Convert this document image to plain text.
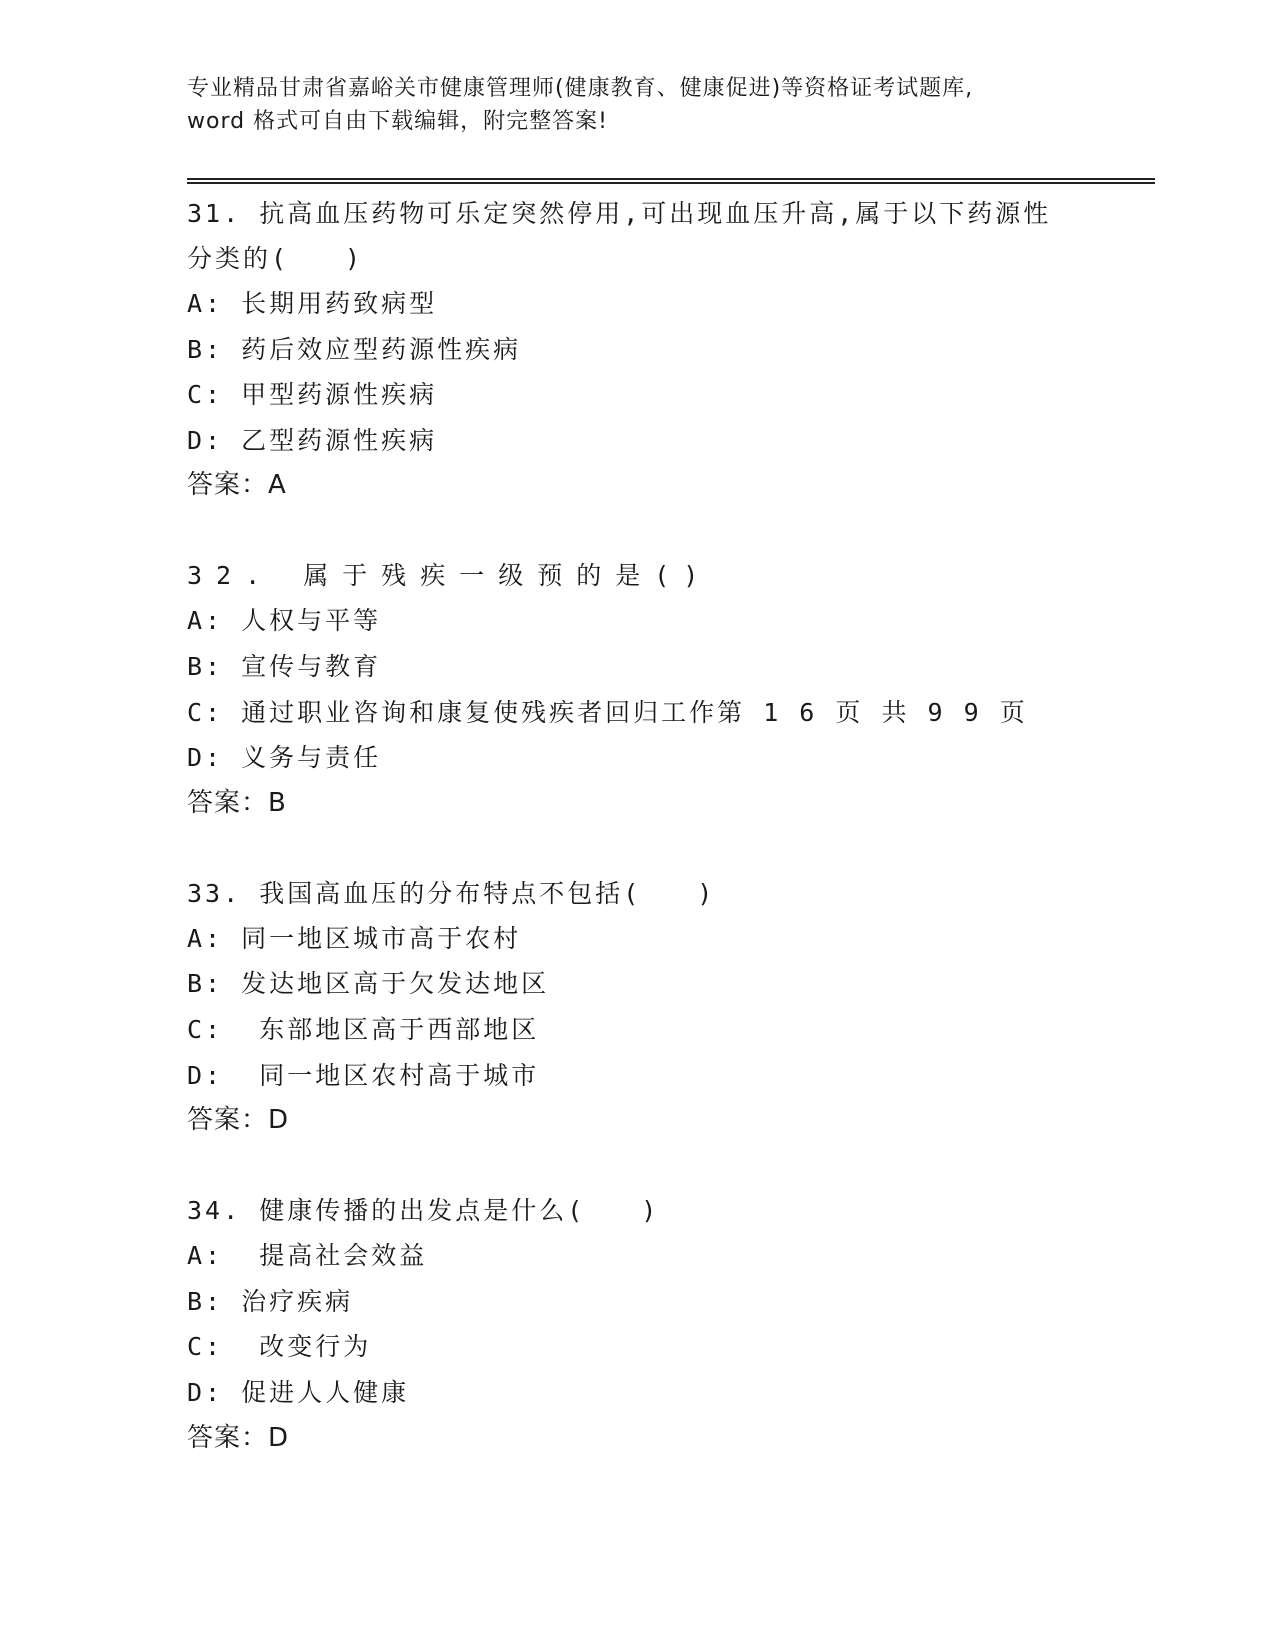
专业精品甘肃省嘉峪关市健康管理师(健康教育、健康促进)等资格证考试题库,
word 格式可自由下载编辑，附完整答案!

31. 抗高血压药物可乐定突然停用,可出现血压升高,属于以下药源性

分类的(　　)

A: 长期用药致病型

B: 药后效应型药源性疾病

C: 甲型药源性疾病

D: 乙型药源性疾病

答案：A

32. 属于残疾一级预的是()

A: 人权与平等

B: 宣传与教育

C: 通过职业咨询和康复使残疾者回归工作第 1 6 页 共 9 9 页

D: 义务与责任

答案：B

33. 我国高血压的分布特点不包括(　　)

A: 同一地区城市高于农村

B: 发达地区高于欠发达地区

C:  东部地区高于西部地区

D:  同一地区农村高于城市

答案：D

34. 健康传播的出发点是什么(　　)

A:  提高社会效益

B: 治疗疾病

C:  改变行为

D: 促进人人健康

答案：D
